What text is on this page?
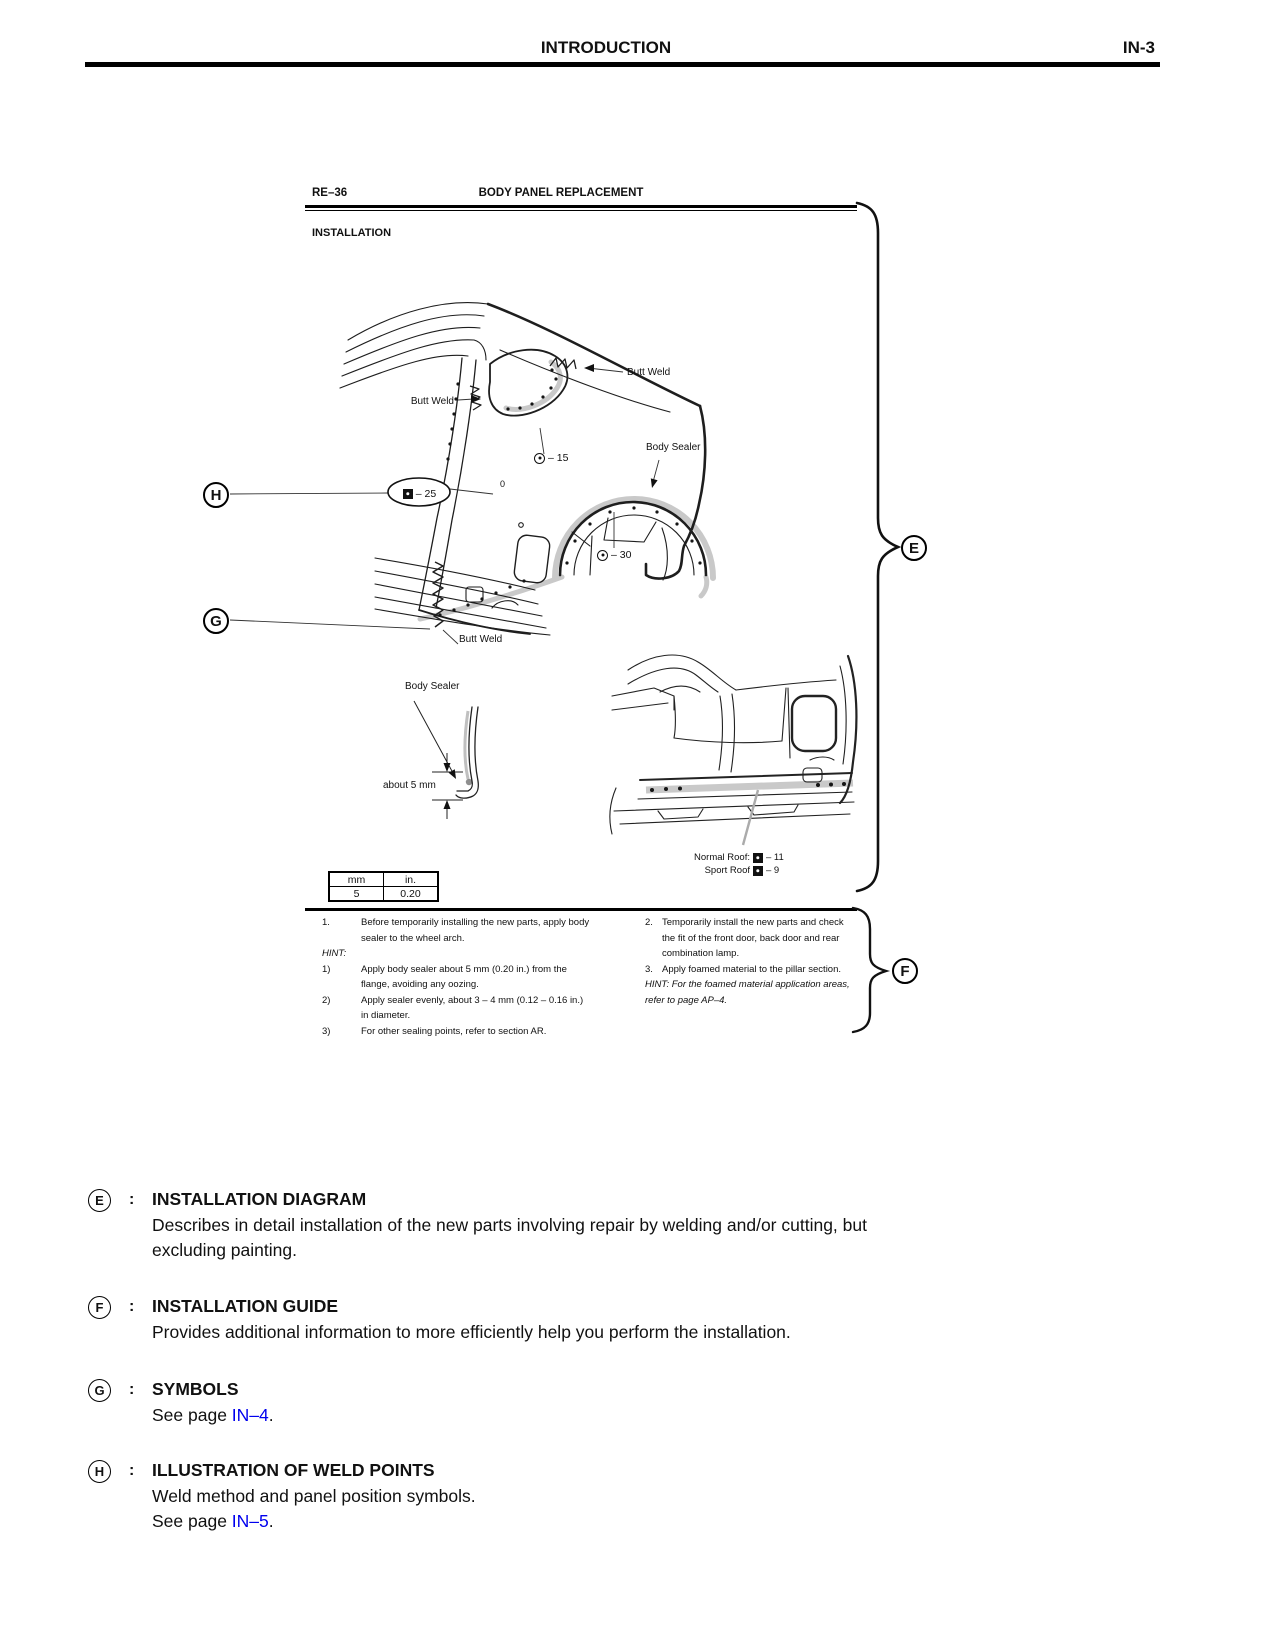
INTRODUCTION	IN-3
RE–36	BODY PANEL REPLACEMENT
INSTALLATION
Butt Weld
Butt Weld
Body Sealer
0
– 15
– 25
– 30
Butt Weld
H
G
Body Sealer
about 5 mm
Normal Roof: – 11
Sport Roof – 9
E
mm	in.
5	0.20
1.	Before temporarily installing the new parts, apply body sealer to the wheel arch.
HINT:
1)	Apply body sealer about 5 mm (0.20 in.) from the flange, avoiding any oozing.
2)	Apply sealer evenly, about 3 – 4 mm (0.12 – 0.16 in.) in diameter.
3)	For other sealing points, refer to section AR.
2. Temporarily install the new parts and check the fit of the front door, back door and rear combination lamp.
3. Apply foamed material to the pillar section.
HINT: For the foamed material application areas, refer to page AP–4.
F
E	: INSTALLATION DIAGRAM
Describes in detail installation of the new parts involving repair by welding and/or cutting, but
excluding painting.
F	: INSTALLATION GUIDE
Provides additional information to more efficiently help you perform the installation.
G	: SYMBOLS
See page IN–4.
H	: ILLUSTRATION OF WELD POINTS
Weld method and panel position symbols.
See page IN–5.
